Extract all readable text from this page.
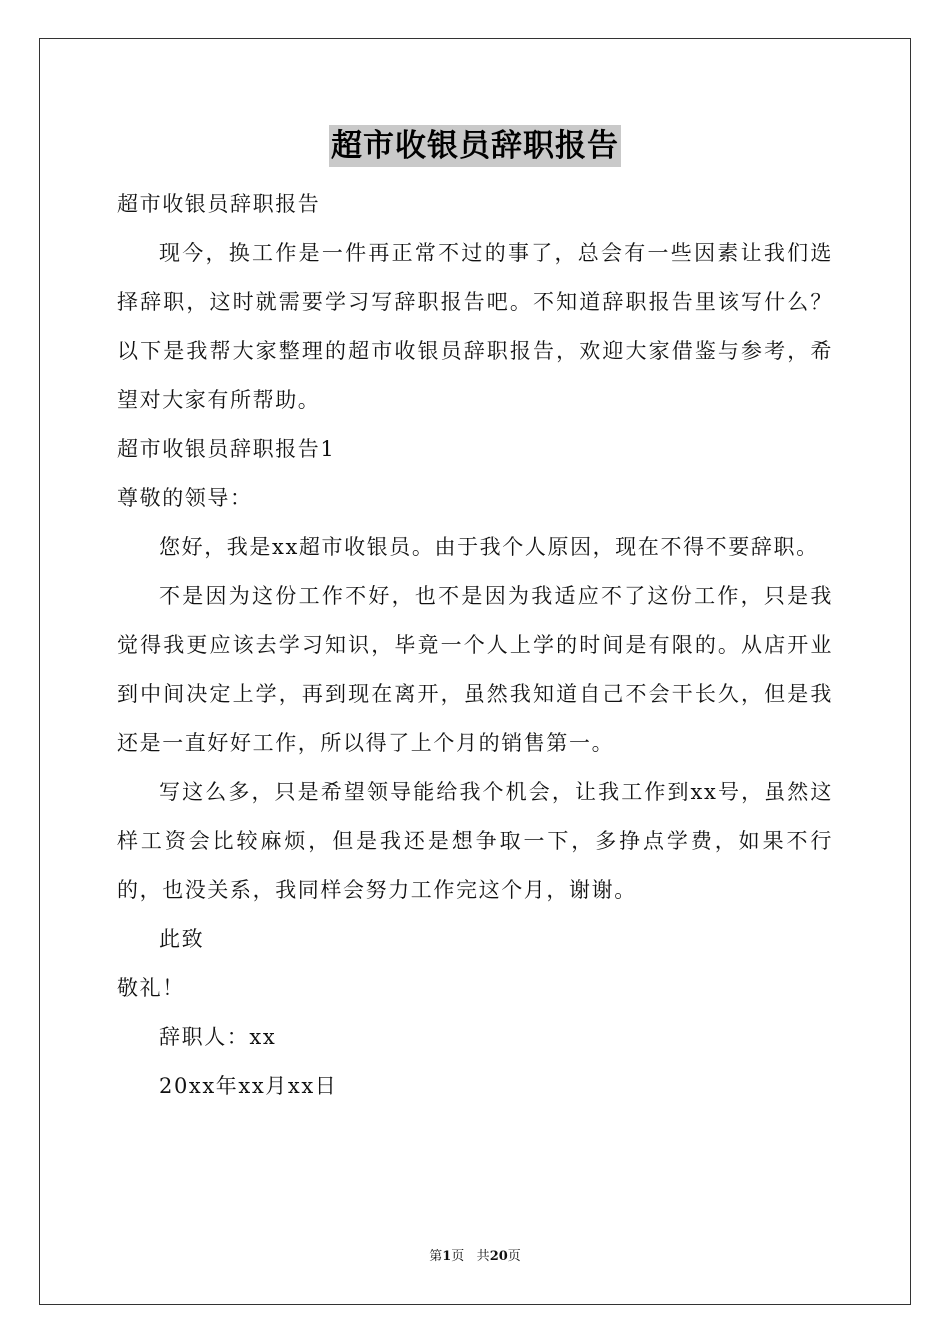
超市收银员辞职报告

超市收银员辞职报告

现今，换工作是一件再正常不过的事了，总会有一些因素让我们选择辞职，这时就需要学习写辞职报告吧。不知道辞职报告里该写什么？以下是我帮大家整理的超市收银员辞职报告，欢迎大家借鉴与参考，希望对大家有所帮助。

超市收银员辞职报告1

尊敬的领导：

您好，我是xx超市收银员。由于我个人原因，现在不得不要辞职。

不是因为这份工作不好，也不是因为我适应不了这份工作，只是我觉得我更应该去学习知识，毕竟一个人上学的时间是有限的。从店开业到中间决定上学，再到现在离开，虽然我知道自己不会干长久，但是我还是一直好好工作，所以得了上个月的销售第一。

写这么多，只是希望领导能给我个机会，让我工作到xx号，虽然这样工资会比较麻烦，但是我还是想争取一下，多挣点学费，如果不行的，也没关系，我同样会努力工作完这个月，谢谢。

此致

敬礼！

辞职人：xx

20xx年xx月xx日

第1页 共20页
